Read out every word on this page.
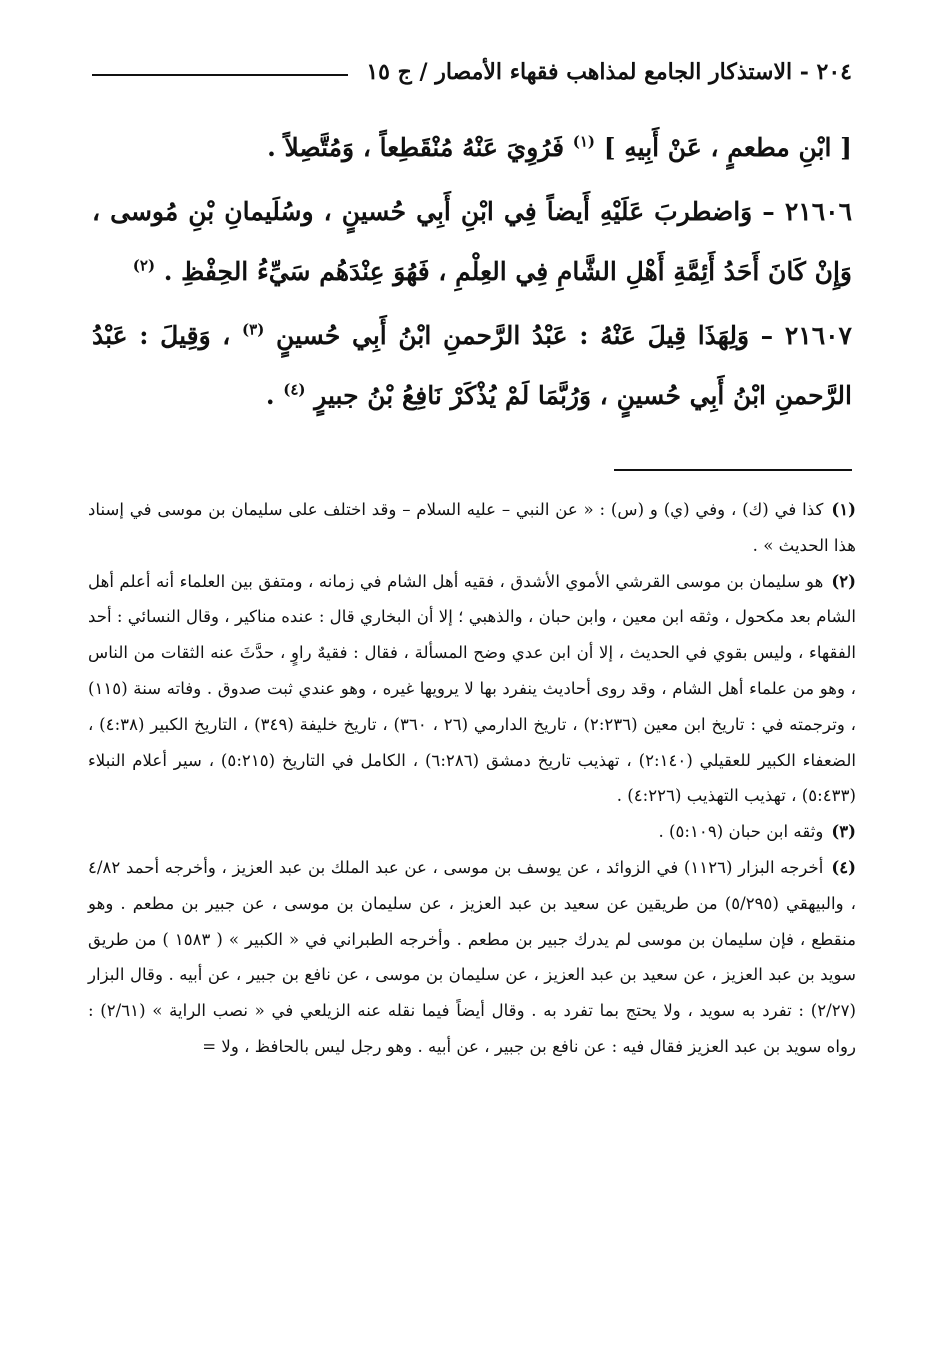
٢٠٤ - الاستذكار الجامع لمذاهب فقهاء الأمصار / ج ١٥

[ ابْنِ مطعمٍ ، عَنْ أَبِيهِ ] $^{(١)}$ فَرُوِيَ عَنْهُ مُنْقَطِعاً ، وَمُتَّصِلاً .

٢١٦٠٦ – وَاضطربَ عَلَيْهِ أَيضاً فِي ابْنِ أَبِي حُسينٍ ، وسُلَيمانِ بْنِ مُوسى ، وَإِنْ كَانَ أَحَدُ أَئِمَّةِ أَهْلِ الشَّامِ فِي العِلْمِ ، فَهُوَ عِنْدَهُم سَيِّءُ الحِفْظِ . $^{(٢)}$

٢١٦٠٧ – وَلِهَذَا قِيلَ عَنْهُ : عَبْدُ الرَّحمنِ ابْنُ أَبِي حُسينٍ $^{(٣)}$ ، وَقِيلَ : عَبْدُ الرَّحمنِ ابْنُ أَبِي حُسينٍ ، وَرُبَّمَا لَمْ يُذْكَرْ نَافِعُ بْنُ جبيرٍ $^{(٤)}$ .

(١)كذا في (ك) ، وفي (ي) و (س) : « عن النبي – عليه السلام – وقد اختلف على سليمان بن موسى في إسناد هذا الحديث » .

(٢)هو سليمان بن موسى القرشي الأموي الأشدق ، فقيه أهل الشام في زمانه ، ومتفق بين العلماء أنه أعلم أهل الشام بعد مكحول ، وثقه ابن معين ، وابن حبان ، والذهبي ؛ إلا أن البخاري قال : عنده مناكير ، وقال النسائي : أحد الفقهاء ، وليس بقوي في الحديث ، إلا أن ابن عدي وضح المسألة ، فقال : فقيهٌ راوٍ ، حدَّثَ عنه الثقات من الناس ، وهو من علماء أهل الشام ، وقد روى أحاديث ينفرد بها لا يرويها غيره ، وهو عندي ثبت صدوق . وفاته سنة (١١٥) ، وترجمته في : تاريخ ابن معين (٢:٢٣٦) ، تاريخ الدارمي (٢٦ ، ٣٦٠) ، تاريخ خليفة (٣٤٩) ، التاريخ الكبير (٤:٣٨) ، الضعفاء الكبير للعقيلي (٢:١٤٠) ، تهذيب تاريخ دمشق (٦:٢٨٦) ، الكامل في التاريخ (٥:٢١٥) ، سير أعلام النبلاء (٥:٤٣٣) ، تهذيب التهذيب (٤:٢٢٦) .

(٣)وثقه ابن حبان (٥:١٠٩) .

(٤)أخرجه البزار (١١٢٦) في الزوائد ، عن يوسف بن موسى ، عن عبد الملك بن عبد العزيز ، وأخرجه أحمد ٤/٨٢ ، والبيهقي (٥/٢٩٥) من طريقين عن سعيد بن عبد العزيز ، عن سليمان بن موسى ، عن جبير بن مطعم . وهو منقطع ، فإن سليمان بن موسى لم يدرك جبير بن مطعم . وأخرجه الطبراني في « الكبير » ( ١٥٨٣ ) من طريق سويد بن عبد العزيز ، عن سعيد بن عبد العزيز ، عن سليمان بن موسى ، عن نافع بن جبير ، عن أبيه . وقال البزار (٢/٢٧) : تفرد به سويد ، ولا يحتج بما تفرد به . وقال أيضاً فيما نقله عنه الزيلعي في « نصب الراية » (٢/٦١) : رواه سويد بن عبد العزيز فقال فيه : عن نافع بن جبير ، عن أبيه . وهو رجل ليس بالحافظ ، ولا =
